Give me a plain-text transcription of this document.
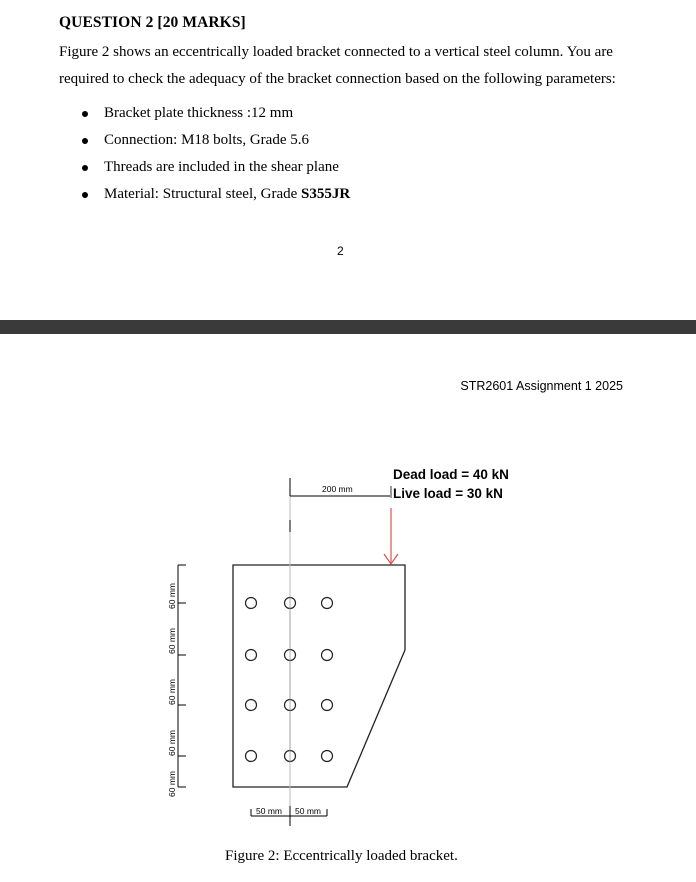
QUESTION 2 [20 MARKS]
Figure 2 shows an eccentrically loaded bracket connected to a vertical steel column. You are required to check the adequacy of the bracket connection based on the following parameters:
Bracket plate thickness :12 mm
Connection: M18 bolts, Grade 5.6
Threads are included in the shear plane
Material: Structural steel, Grade S355JR
2
STR2601 Assignment 1 2025
200 mm
Dead load = 40 kN
Live load = 30 kN
60 mm
60 mm
60 mm
60 mm
60 mm
50 mm 50 mm
Figure 2: Eccentrically loaded bracket.
